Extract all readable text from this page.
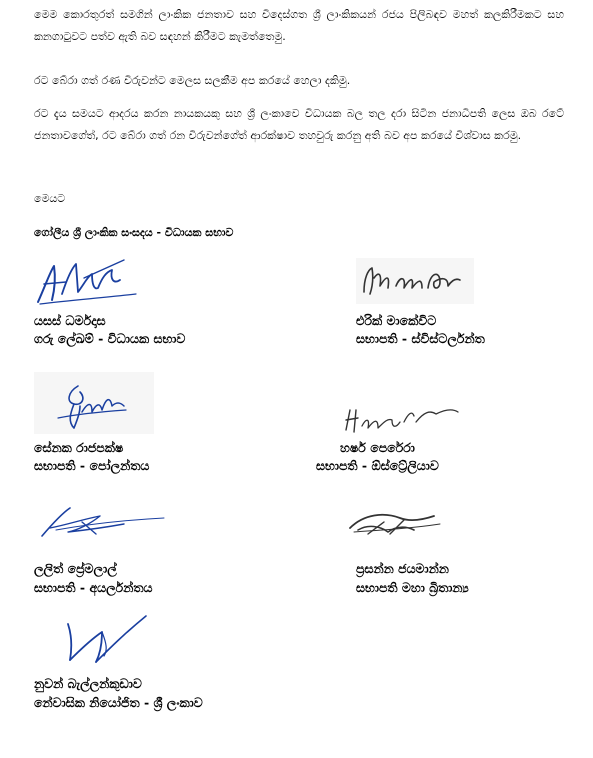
මෙම කොරතුරත් සමගින් ලාංකික ජනතාව සහ විදෙස්ගත ශ්‍රී ලාංකිකයන් රජය පිලිබඳව මහත් කලකිරීමකට සහ කනගාටුවට පත්ව ඇති බව සඳහන් කිරීමට කැමත්තෙමු.

රට බේරා ගත් රණ විරුවන්ට මෙලස සලකීම අප කරයේ හෙලා දකිමු.

රට දැය සමයට ආදරය කරන නායකයකු සහ ශ්‍රී ලංකාවෙ විධායක බල තල දරා සිටින ජනාධිපති ලෙස ඔබ රටේ ජනතාවගේත්, රට බේරා ගත් රන විරුවන්ගේත් ආරක්ෂාව තහවුරු කරනු අති බව අප කරයේ විශ්වාස කරමු.

මෙයට
ගෝලීය ශ්‍රී ලාංකික සංසදය - විධායක සභාව
යසස් ධර්මදාස
ගරු ලේඛම් - විධායක සභාව
එරික් මාකේවිට
සභාපති - ස්විස්ටර්ලන්ත
සේනක රාජපක්ෂ
සභාපති - පෝලන්තය
හර්ෂ පෙරේරා
සභාපති - ඕස්ට්‍රේලියාව
ලලිත් ප්‍රේමලාල්
සභාපති - අයර්ලන්තය
ප්‍රසන්න ජයමාන්න
සභාපති මහා බ්‍රිතාන්‍ය
නුවන් බැල්ලන්කුඩාව
නේවාසික නියෝජිත - ශ්‍රී ලංකාව
